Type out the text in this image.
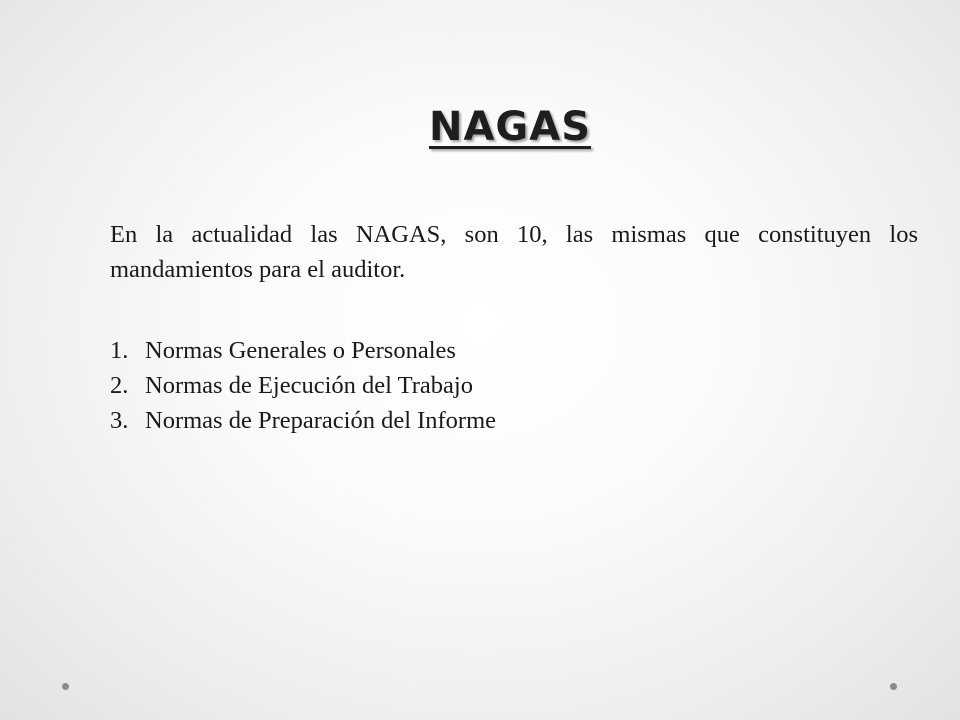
NAGAS

En la actualidad las NAGAS, son 10, las mismas que constituyen los mandamientos para el auditor.

1. Normas Generales o Personales
2. Normas de Ejecución del Trabajo
3. Normas de Preparación del Informe
